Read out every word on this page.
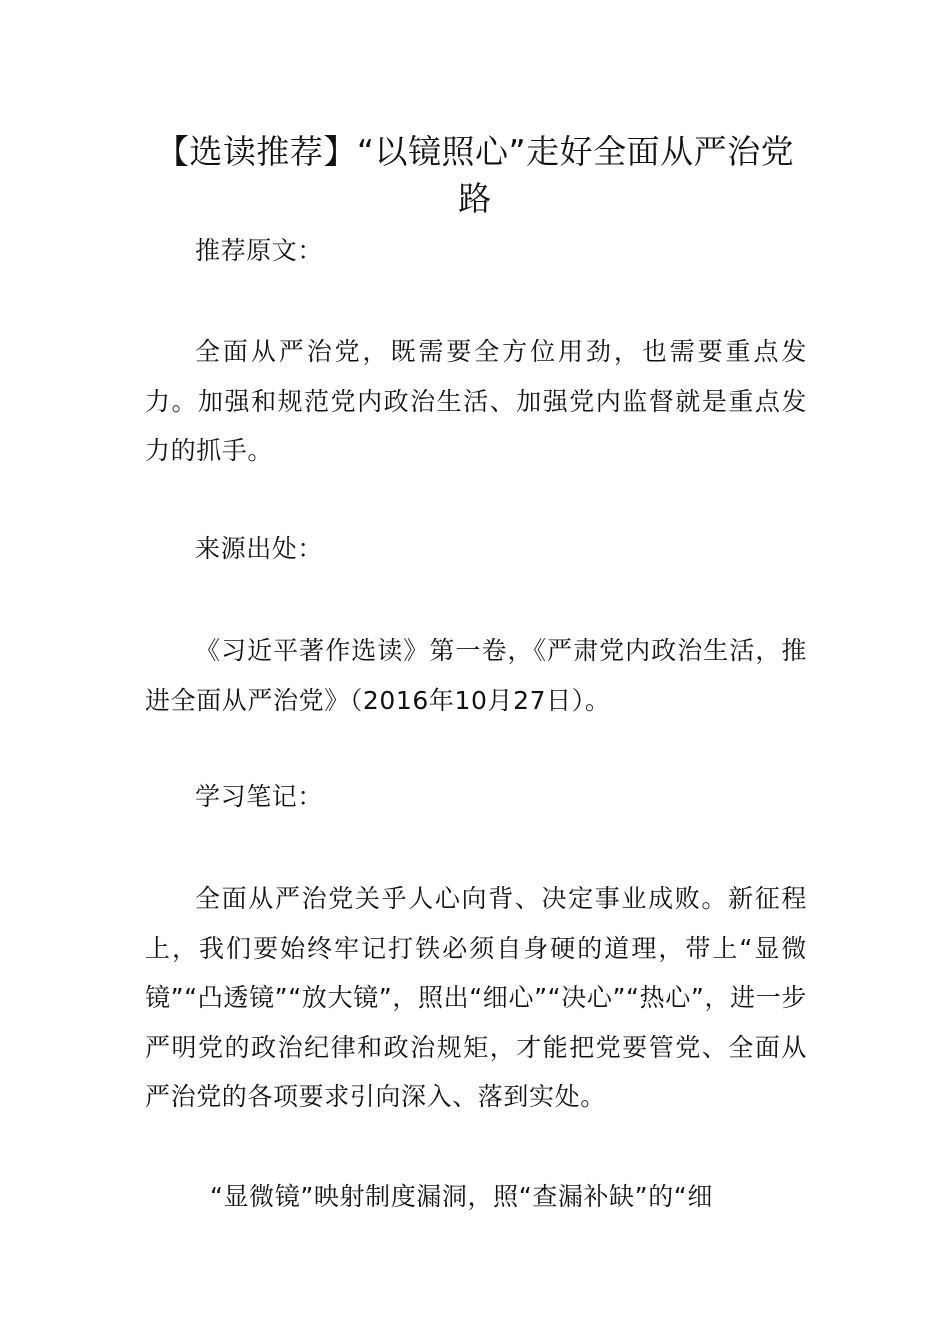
【选读推荐】“以镜照心”走好全面从严治党路

推荐原文：

全面从严治党，既需要全方位用劲，也需要重点发力。加强和规范党内政治生活、加强党内监督就是重点发力的抓手。

来源出处：

《习近平著作选读》第一卷，《严肃党内政治生活，推进全面从严治党》（2016年10月27日）。

学习笔记：

全面从严治党关乎人心向背、决定事业成败。新征程上，我们要始终牢记打铁必须自身硬的道理，带上“显微镜”“凸透镜”“放大镜”，照出“细心”“决心”“热心”，进一步严明党的政治纪律和政治规矩，才能把党要管党、全面从严治党的各项要求引向深入、落到实处。

“显微镜”映射制度漏洞，照“查漏补缺”的“细
